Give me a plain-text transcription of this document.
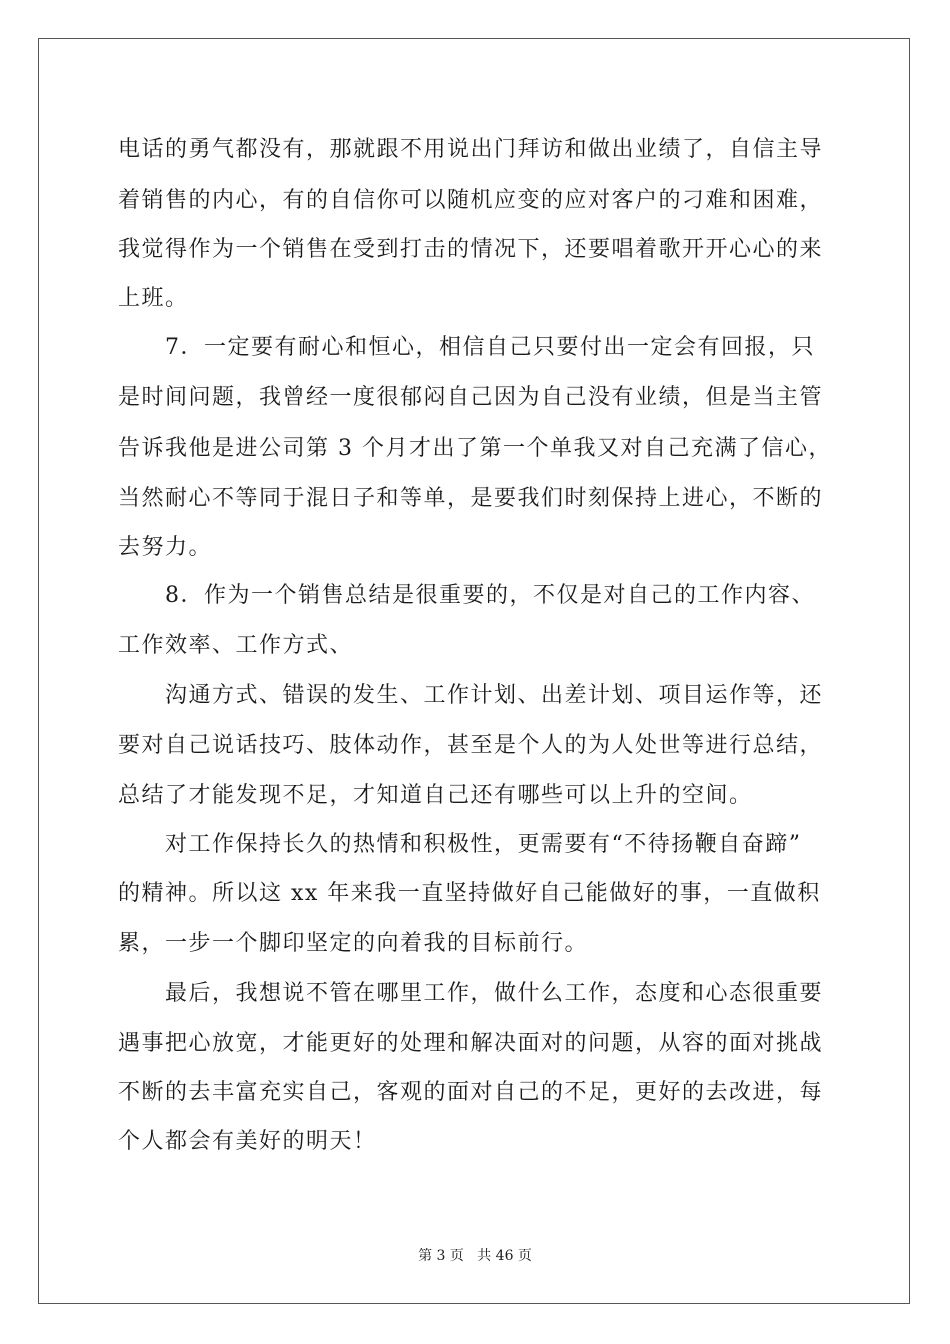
电话的勇气都没有，那就跟不用说出门拜访和做出业绩了，自信主导
着销售的内心，有的自信你可以随机应变的应对客户的刁难和困难，
我觉得作为一个销售在受到打击的情况下，还要唱着歌开开心心的来
上班。
　　7．一定要有耐心和恒心，相信自己只要付出一定会有回报，只
是时间问题，我曾经一度很郁闷自己因为自己没有业绩，但是当主管
告诉我他是进公司第 3 个月才出了第一个单我又对自己充满了信心，
当然耐心不等同于混日子和等单，是要我们时刻保持上进心，不断的
去努力。
　　8．作为一个销售总结是很重要的，不仅是对自己的工作内容、
工作效率、工作方式、
　　沟通方式、错误的发生、工作计划、出差计划、项目运作等，还
要对自己说话技巧、肢体动作，甚至是个人的为人处世等进行总结，
总结了才能发现不足，才知道自己还有哪些可以上升的空间。
　　对工作保持长久的热情和积极性，更需要有“不待扬鞭自奋蹄”
的精神。所以这 xx 年来我一直坚持做好自己能做好的事，一直做积
累，一步一个脚印坚定的向着我的目标前行。
　　最后，我想说不管在哪里工作，做什么工作，态度和心态很重要
遇事把心放宽，才能更好的处理和解决面对的问题，从容的面对挑战
不断的去丰富充实自己，客观的面对自己的不足，更好的去改进，每
个人都会有美好的明天！
第 3 页   共 46 页
